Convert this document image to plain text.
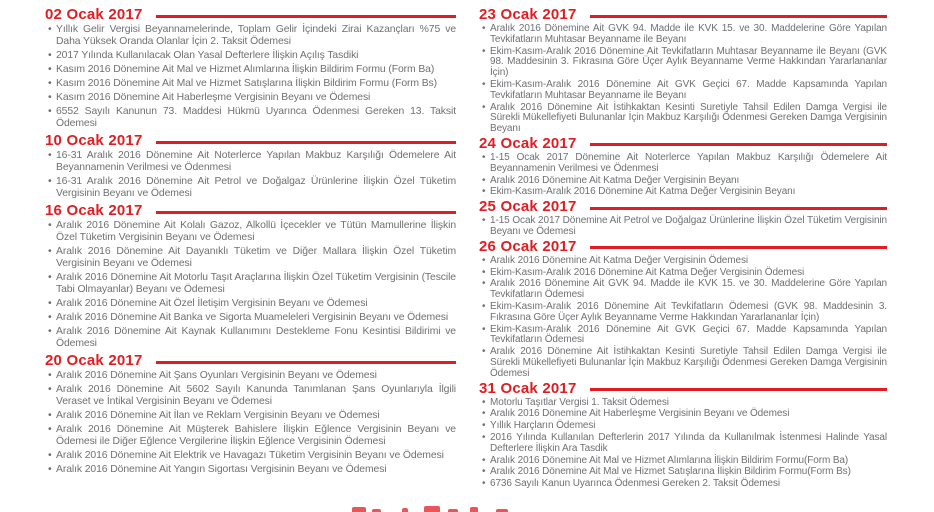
02 Ocak 2017
• Yıllık Gelir Vergisi Beyannamelerinde, Toplam Gelir İçindeki Zirai Kazançları %75 ve Daha Yüksek Oranda Olanlar İçin 2. Taksit Ödemesi
• 2017 Yılında Kullanılacak Olan Yasal Defterlere İlişkin Açılış Tasdiki
• Kasım 2016 Dönemine Ait Mal ve Hizmet Alımlarına İlişkin Bildirim Formu (Form Ba)
• Kasım 2016 Dönemine Ait Mal ve Hizmet Satışlarına İlişkin Bildirim Formu (Form Bs)
• Kasım 2016 Dönemine Ait Haberleşme Vergisinin Beyanı ve Ödemesi
• 6552 Sayılı Kanunun 73. Maddesi Hükmü Uyarınca Ödenmesi Gereken 13. Taksit Ödemesi
10 Ocak 2017
• 16-31 Aralık 2016 Dönemine Ait Noterlerce Yapılan Makbuz Karşılığı Ödemelere Ait Beyannamenin Verilmesi ve Ödenmesi
• 16-31 Aralık 2016 Dönemine Ait Petrol ve Doğalgaz Ürünlerine İlişkin Özel Tüketim Vergisinin Beyanı ve Ödemesi
16 Ocak 2017
• Aralık 2016 Dönemine Ait Kolalı Gazoz, Alkollü İçecekler ve Tütün Mamullerine İlişkin Özel Tüketim Vergisinin Beyanı ve Ödemesi
• Aralık 2016 Dönemine Ait Dayanıklı Tüketim ve Diğer Mallara İlişkin Özel Tüketim Vergisinin Beyanı ve Ödemesi
• Aralık 2016 Dönemine Ait Motorlu Taşıt Araçlarına İlişkin Özel Tüketim Vergisinin (Tescile Tabi Olmayanlar) Beyanı ve Ödemesi
• Aralık 2016 Dönemine Ait Özel İletişim Vergisinin Beyanı ve Ödemesi
• Aralık 2016 Dönemine Ait Banka ve Sigorta Muameleleri Vergisinin Beyanı ve Ödemesi
• Aralık 2016 Dönemine Ait Kaynak Kullanımını Destekleme Fonu Kesintisi Bildirimi ve Ödemesi
20 Ocak 2017
• Aralık 2016 Dönemine Ait Şans Oyunları Vergisinin Beyanı ve Ödemesi
• Aralık 2016 Dönemine Ait 5602 Sayılı Kanunda Tanımlanan Şans Oyunlarıyla İlgili Veraset ve İntikal Vergisinin Beyanı ve Ödemesi
• Aralık 2016 Dönemine Ait İlan ve Reklam Vergisinin Beyanı ve Ödemesi
• Aralık 2016 Dönemine Ait Müşterek Bahislere İlişkin Eğlence Vergisinin Beyanı ve Ödemesi ile Diğer Eğlence Vergilerine İlişkin Eğlence Vergisinin Ödemesi
• Aralık 2016 Dönemine Ait Elektrik ve Havagazı Tüketim Vergisinin Beyanı ve Ödemesi
• Aralık 2016 Dönemine Ait Yangın Sigortası Vergisinin Beyanı ve Ödemesi
23 Ocak 2017
• Aralık 2016 Dönemine Ait GVK 94. Madde ile KVK 15. ve 30. Maddelerine Göre Yapılan Tevkifatların Muhtasar Beyanname ile Beyanı
• Ekim-Kasım-Aralık 2016 Dönemine Ait Tevkifatların Muhtasar Beyanname ile Beyanı (GVK 98. Maddesinin 3. Fıkrasına Göre Üçer Aylık Beyanname Verme Hakkından Yararlananlar İçin)
• Ekim-Kasım-Aralık 2016 Dönemine Ait GVK Geçici 67. Madde Kapsamında Yapılan Tevkifatların Muhtasar Beyanname ile Beyanı
• Aralık 2016 Dönemine Ait İstihkaktan Kesinti Suretiyle Tahsil Edilen Damga Vergisi ile Sürekli Mükellefiyeti Bulunanlar İçin Makbuz Karşılığı Ödenmesi Gereken Damga Vergisinin Beyanı
24 Ocak 2017
• 1-15 Ocak 2017 Dönemine Ait Noterlerce Yapılan Makbuz Karşılığı Ödemelere Ait Beyannamenin Verilmesi ve Ödenmesi
• Aralık 2016 Dönemine Ait Katma Değer Vergisinin Beyanı
• Ekim-Kasım-Aralık 2016 Dönemine Ait Katma Değer Vergisinin Beyanı
25 Ocak 2017
• 1-15 Ocak 2017 Dönemine Ait Petrol ve Doğalgaz Ürünlerine İlişkin Özel Tüketim Vergisinin Beyanı ve Ödemesi
26 Ocak 2017
• Aralık 2016 Dönemine Ait Katma Değer Vergisinin Ödemesi
• Ekim-Kasım-Aralık 2016 Dönemine Ait Katma Değer Vergisinin Ödemesi
• Aralık 2016 Dönemine Ait GVK 94. Madde ile KVK 15. ve 30. Maddelerine Göre Yapılan Tevkifatların Ödemesi
• Ekim-Kasım-Aralık 2016 Dönemine Ait Tevkifatların Ödemesi (GVK 98. Maddesinin 3. Fıkrasına Göre Üçer Aylık Beyanname Verme Hakkından Yararlananlar İçin)
• Ekim-Kasım-Aralık 2016 Dönemine Ait GVK Geçici 67. Madde Kapsamında Yapılan Tevkifatların Ödemesi
• Aralık 2016 Dönemine Ait İstihkaktan Kesinti Suretiyle Tahsil Edilen Damga Vergisi ile Sürekli Mükellefiyeti Bulunanlar İçin Makbuz Karşılığı Ödenmesi Gereken Damga Vergisinin Ödemesi
31 Ocak 2017
• Motorlu Taşıtlar Vergisi 1. Taksit Ödemesi
• Aralık 2016 Dönemine Ait Haberleşme Vergisinin Beyanı ve Ödemesi
• Yıllık Harçların Ödemesi
• 2016 Yılında Kullanılan Defterlerin 2017 Yılında da Kullanılmak İstenmesi Halinde Yasal Defterlere İlişkin Ara Tasdik
• Aralık 2016 Dönemine Ait Mal ve Hizmet Alımlarına İlişkin Bildirim Formu(Form Ba)
• Aralık 2016 Dönemine Ait Mal ve Hizmet Satışlarına İlişkin Bildirim Formu(Form Bs)
• 6736 Sayılı Kanun Uyarınca Ödenmesi Gereken 2. Taksit Ödemesi
